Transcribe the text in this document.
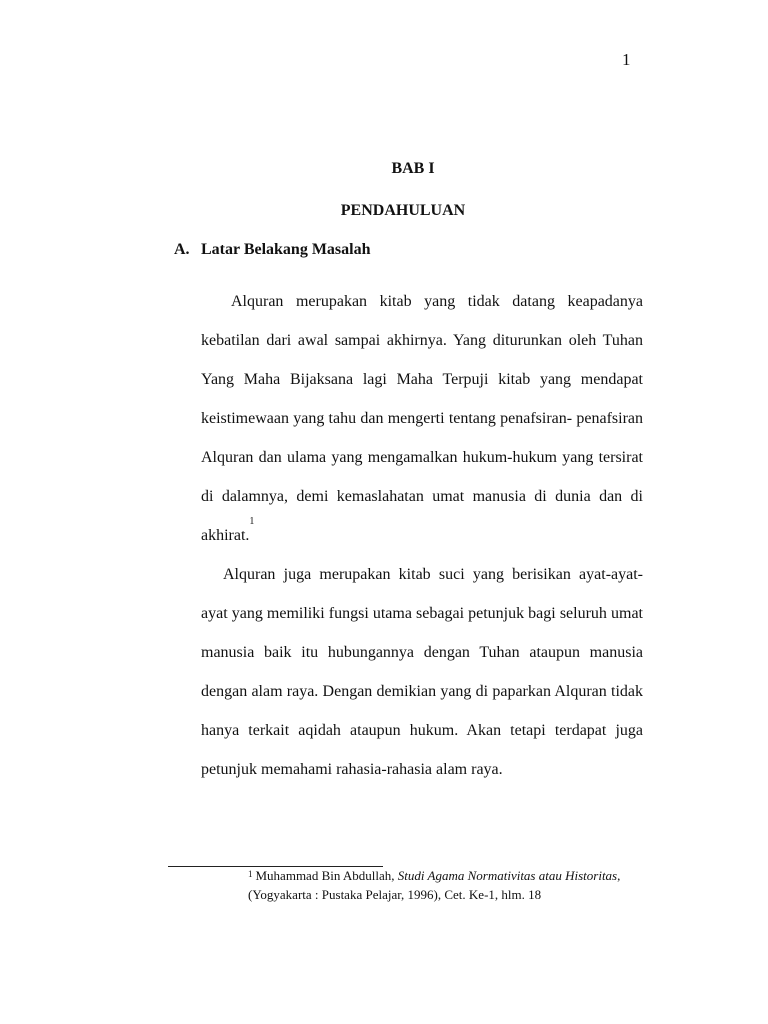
1
BAB I
PENDAHULUAN
A. Latar Belakang Masalah
Alquran merupakan kitab yang tidak datang keapadanya kebatilan dari awal sampai akhirnya. Yang diturunkan oleh Tuhan Yang Maha Bijaksana lagi Maha Terpuji kitab yang mendapat keistimewaan yang tahu dan mengerti tentang penafsiran- penafsiran Alquran dan ulama yang mengamalkan hukum-hukum yang tersirat di dalamnya, demi kemaslahatan umat manusia di dunia dan di akhirat.$^1$
Alquran juga merupakan kitab suci yang berisikan ayat-ayat- ayat yang memiliki fungsi utama sebagai petunjuk bagi seluruh umat manusia baik itu hubungannya dengan Tuhan ataupun manusia dengan alam raya. Dengan demikian yang di paparkan Alquran tidak hanya terkait aqidah ataupun hukum. Akan tetapi terdapat juga petunjuk memahami rahasia-rahasia alam raya.
$^1$ Muhammad Bin Abdullah, Studi Agama Normativitas atau Historitas, (Yogyakarta : Pustaka Pelajar, 1996), Cet. Ke-1, hlm. 18
